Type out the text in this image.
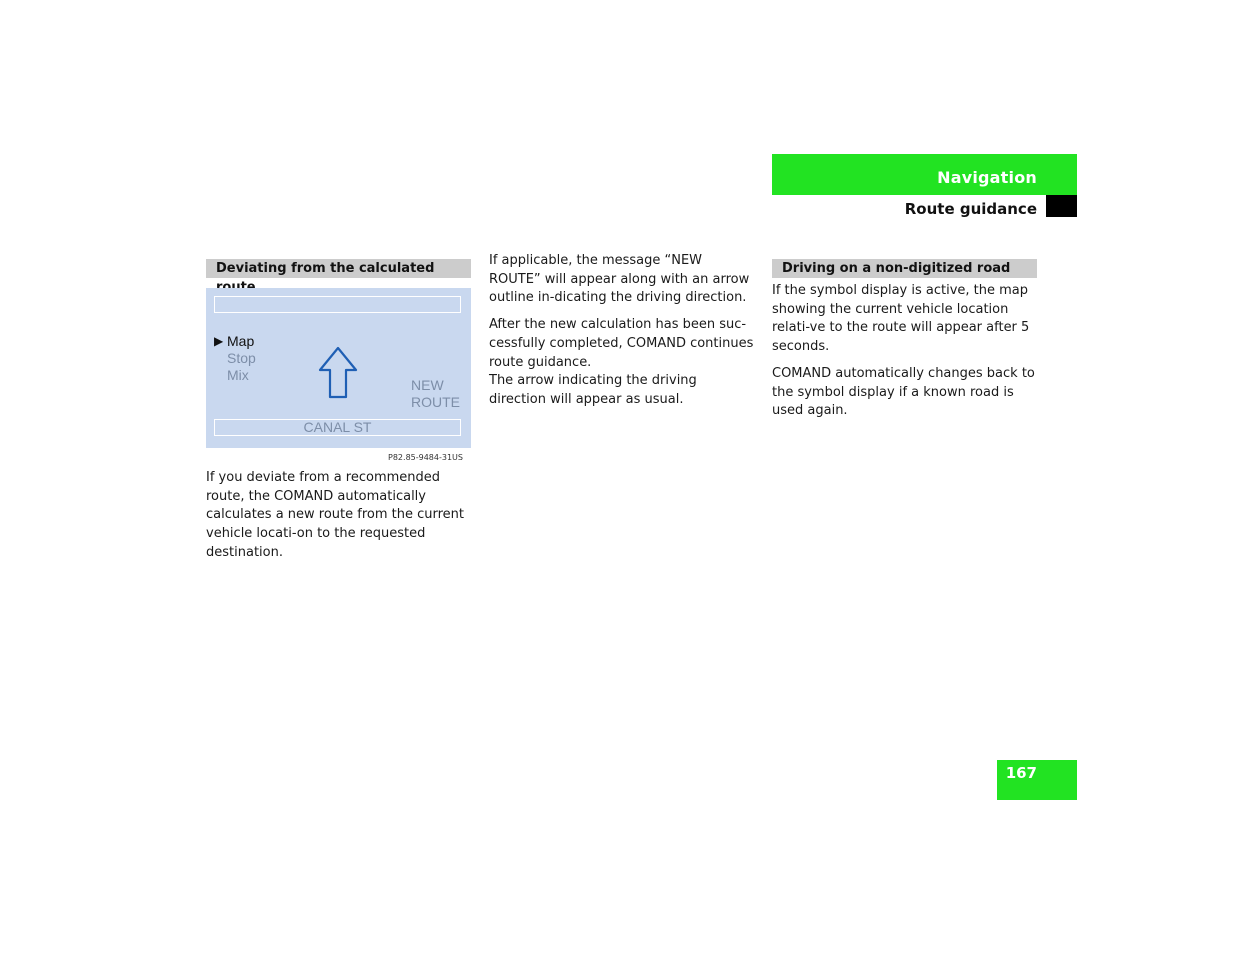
Navigation
Route guidance
Deviating from the calculated
▶ Map
Stop
Mix
NEW
ROUTE
CANAL ST
P82.85-9484-31US

If you deviate from a recommended route, the COMAND automatically calculates a new route from the current vehicle locati-on to the requested destination.

If applicable, the message “NEW ROUTE” will appear along with an arrow outline in-dicating the driving direction.

After the new calculation has been suc-cessfully completed, COMAND continues route guidance.

The arrow indicating the driving direction will appear as usual.

Driving on a non-digitized road

If the symbol display is active, the map showing the current vehicle location relati-ve to the route will appear after 5 seconds.

COMAND automatically changes back to the symbol display if a known road is used again.

167
